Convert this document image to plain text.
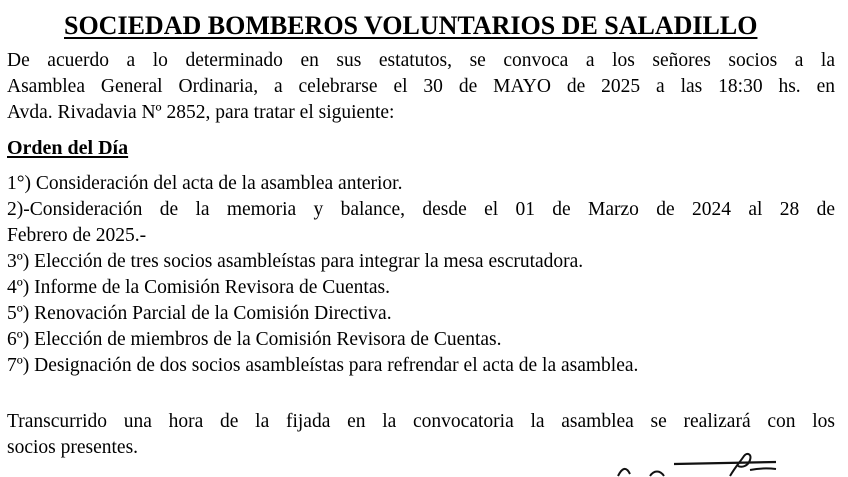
SOCIEDAD BOMBEROS VOLUNTARIOS DE SALADILLO
De acuerdo a lo determinado en sus estatutos, se convoca a los señores socios a la
Asamblea General Ordinaria, a celebrarse el 30 de MAYO de 2025 a las 18:30 hs. en
Avda. Rivadavia Nº 2852, para tratar el siguiente:
Orden del Día
1°) Consideración del acta de la asamblea anterior.
2)-Consideración de la memoria y balance, desde el 01 de Marzo de 2024 al 28 de
Febrero de 2025.-
3º) Elección de tres socios asambleístas para integrar la mesa escrutadora.
4º) Informe de la Comisión Revisora de Cuentas.
5º) Renovación Parcial de la Comisión Directiva.
6º) Elección de miembros de la Comisión Revisora de Cuentas.
7º) Designación de dos socios asambleístas para refrendar el acta de la asamblea.
Transcurrido una hora de la fijada en la convocatoria la asamblea se realizará con los
socios presentes.
